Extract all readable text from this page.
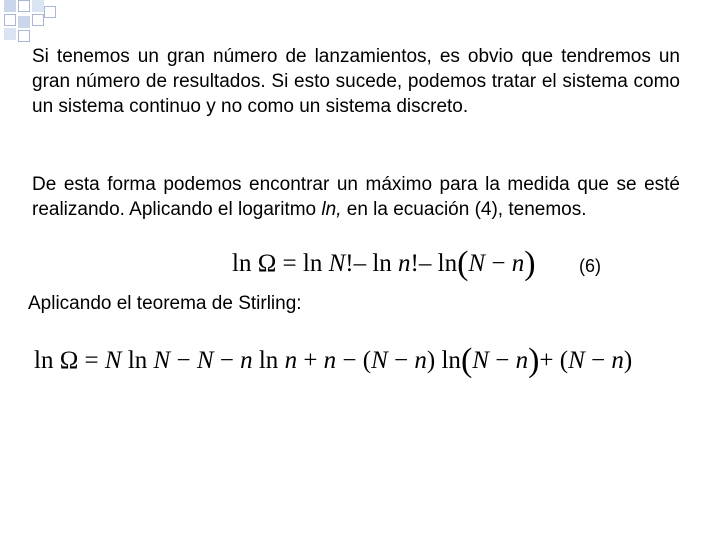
Si tenemos un gran número de lanzamientos, es obvio que tendremos un gran número de resultados. Si esto sucede, podemos tratar el sistema como un sistema continuo y no como un sistema discreto.

De esta forma podemos encontrar un máximo para la medida que se esté realizando. Aplicando el logaritmo ln, en la ecuación (4), tenemos.

ln Ω = ln N!– ln n!– ln(N − n) (6)

Aplicando el teorema de Stirling:

ln Ω = N ln N − N − n ln n + n − (N − n) ln(N − n)+ (N − n)
